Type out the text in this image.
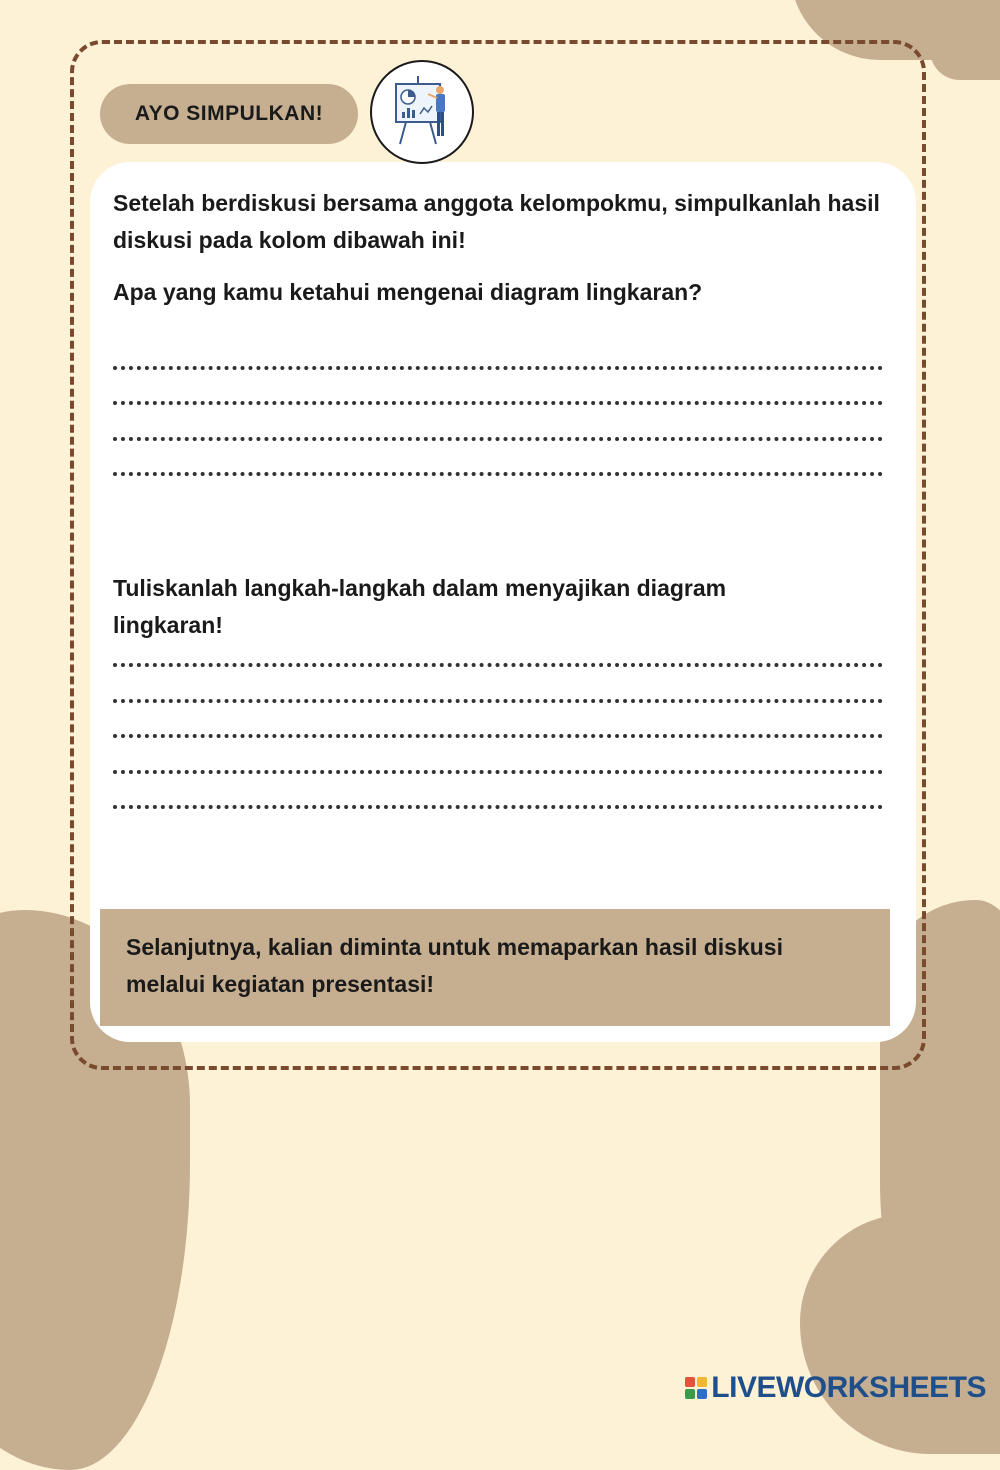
AYO SIMPULKAN!
Setelah berdiskusi bersama anggota kelompokmu, simpulkanlah hasil diskusi pada kolom dibawah ini!
Apa yang kamu ketahui mengenai diagram lingkaran?
Tuliskanlah langkah-langkah dalam menyajikan diagram lingkaran!
Selanjutnya, kalian diminta untuk memaparkan hasil diskusi melalui kegiatan presentasi!
LIVEWORKSHEETS
